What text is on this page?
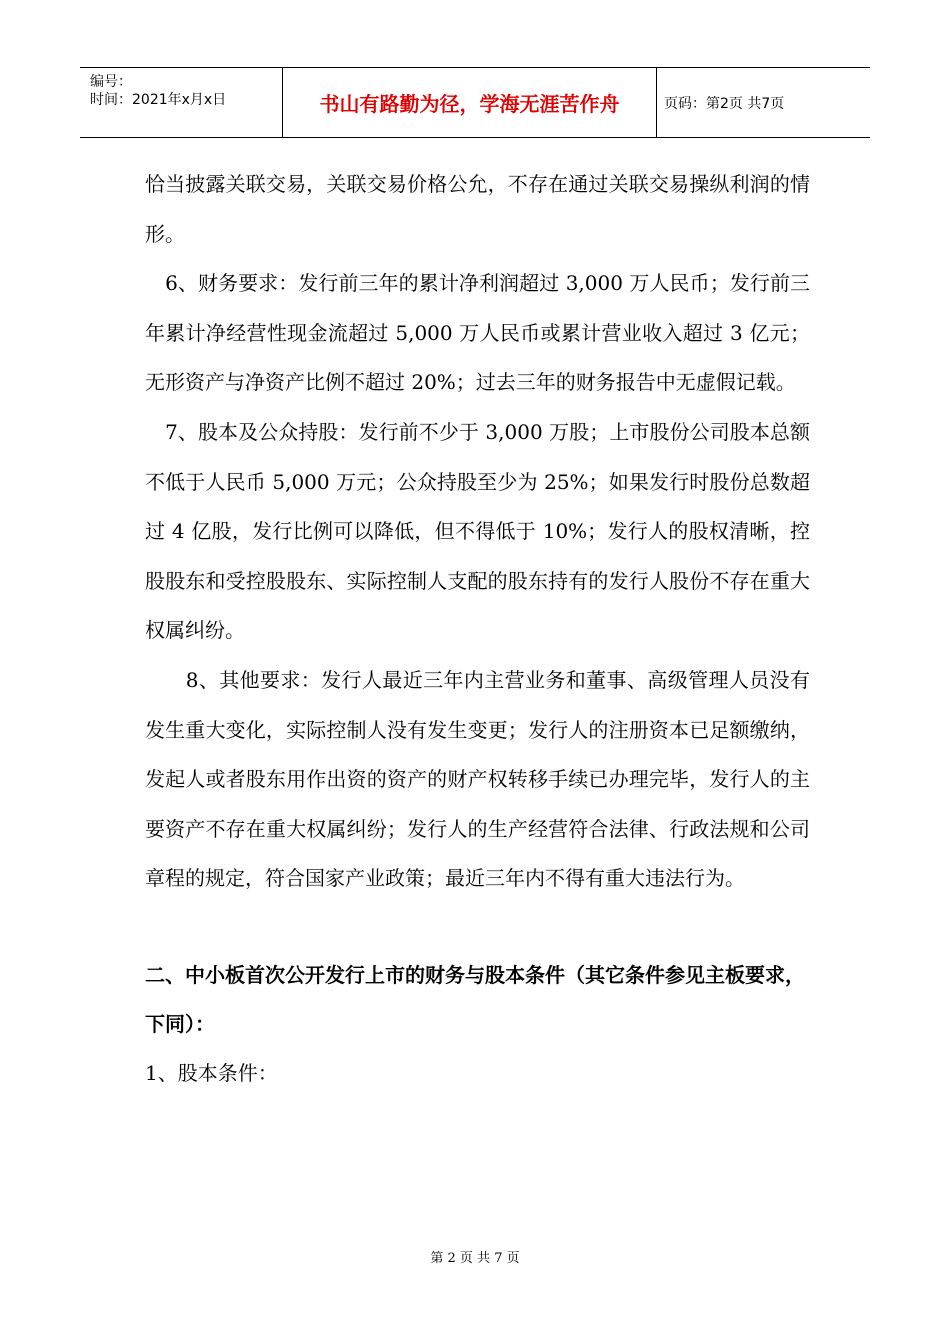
编号：
时间：2021年x月x日	书山有路勤为径，学海无涯苦作舟	页码：第2页 共7页

恰当披露关联交易，关联交易价格公允，不存在通过关联交易操纵利润的情形。

　6、财务要求：发行前三年的累计净利润超过 3,000 万人民币；发行前三年累计净经营性现金流超过 5,000 万人民币或累计营业收入超过 3 亿元；无形资产与净资产比例不超过 20%；过去三年的财务报告中无虚假记载。

　7、股本及公众持股：发行前不少于 3,000 万股；上市股份公司股本总额不低于人民币 5,000 万元；公众持股至少为 25%；如果发行时股份总数超过 4 亿股，发行比例可以降低，但不得低于 10%；发行人的股权清晰，控股股东和受控股股东、实际控制人支配的股东持有的发行人股份不存在重大权属纠纷。

　　8、其他要求：发行人最近三年内主营业务和董事、高级管理人员没有发生重大变化，实际控制人没有发生变更；发行人的注册资本已足额缴纳，发起人或者股东用作出资的资产的财产权转移手续已办理完毕，发行人的主要资产不存在重大权属纠纷；发行人的生产经营符合法律、行政法规和公司章程的规定，符合国家产业政策；最近三年内不得有重大违法行为。

二、中小板首次公开发行上市的财务与股本条件（其它条件参见主板要求，下同）：

1、股本条件：

第 2 页 共 7 页
